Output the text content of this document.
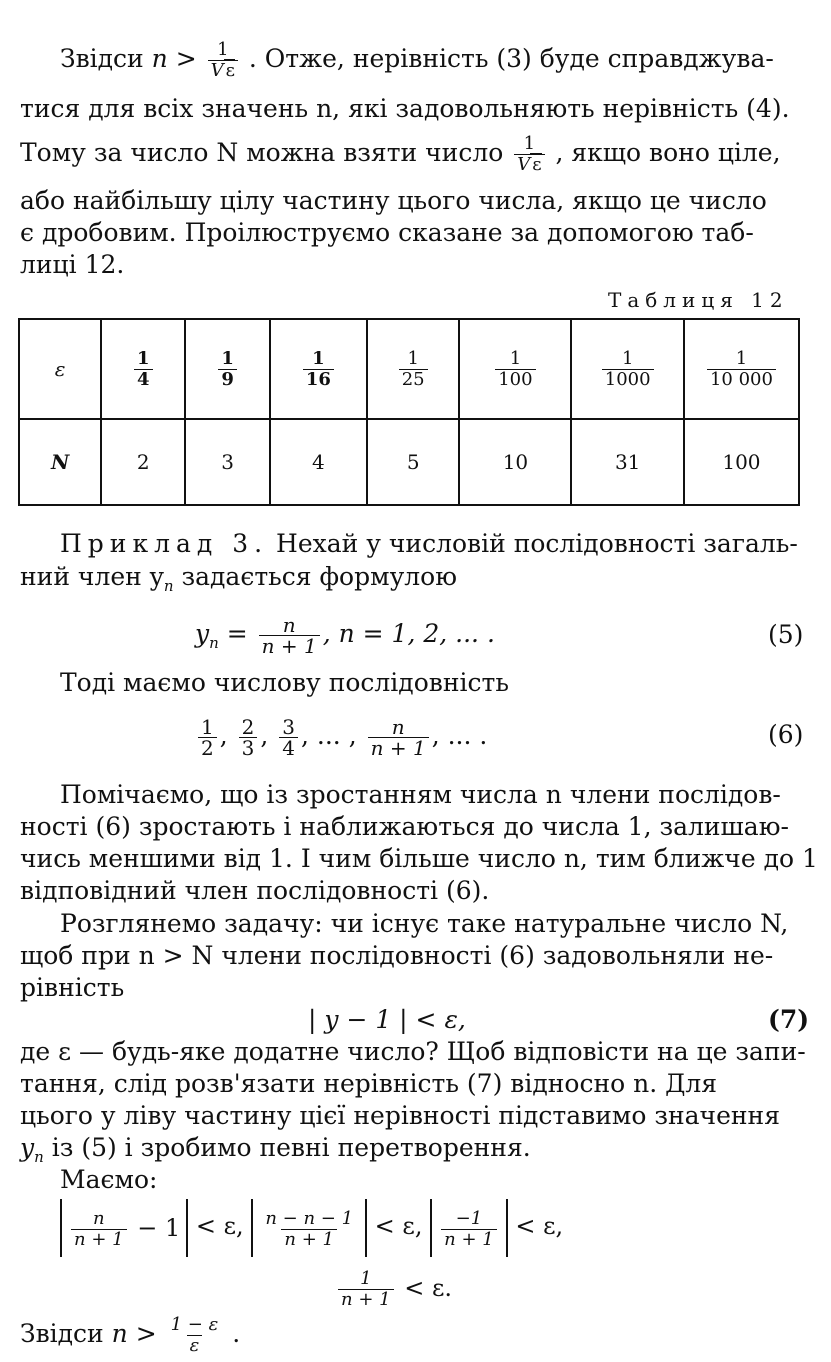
Звідси $n > \frac{1}{\text{V ε}}$ . Отже, нерівність (3) буде справджува-
тися для всіх значень n, які задовольняють нерівність (4).
Тому за число N можна взяти число $\frac{1}{\text{V ε}}$ , якщо воно ціле,
або найбільшу цілу частину цього числа, якщо це число
є дробовим. Проілюструємо сказане за допомогою таб-
лиці 12.
Таблиця 12
ε	$\frac{1}{4}$	$\frac{1}{9}$	$\frac{1}{16}$	$\frac{1}{25}$	$\frac{1}{100}$	$\frac{1}{1000}$	$\frac{1}{10 000}$

N	2	3	4	5	10	31	100
Приклад 3. Нехай у числовій послідовності загаль-
ний член $y_n$ задається формулою
$y_n = \frac{n}{n + 1}$ , n = 1, 2, ... .	(5)
Тоді маємо числову послідовність
$\frac{1}{2}$ , $\frac{2}{3}$ , $\frac{3}{4}$ , ... , $\frac{n}{n + 1}$ , ... .	(6)
Помічаємо, що із зростанням числа n члени послідов-
ності (6) зростають і наближаються до числа 1, залишаю-
чись меншими від 1. І чим більше число n, тим ближче до 1
відповідний член послідовності (6).
Розглянемо задачу: чи існує таке натуральне число N,
щоб при n > N члени послідовності (6) задовольняли не-
рівність
| y − 1 | < ε,	(7)
де ε — будь-яке додатне число? Щоб відповісти на це запи-
тання, слід розв'язати нерівність (7) відносно n. Для
цього у ліву частину цієї нерівності підставимо значення
$y_n$ із (5) і зробимо певні перетворення.
Маємо:
$\frac{n}{n + 1} - 1 < \varepsilon$, $\frac{n - n - 1}{n + 1} < \varepsilon$, $\frac{-1}{n + 1} < \varepsilon$,
$\frac{1}{n + 1} < \varepsilon$.
Звідси $n > \frac{1 - \varepsilon}{\varepsilon}$ .
